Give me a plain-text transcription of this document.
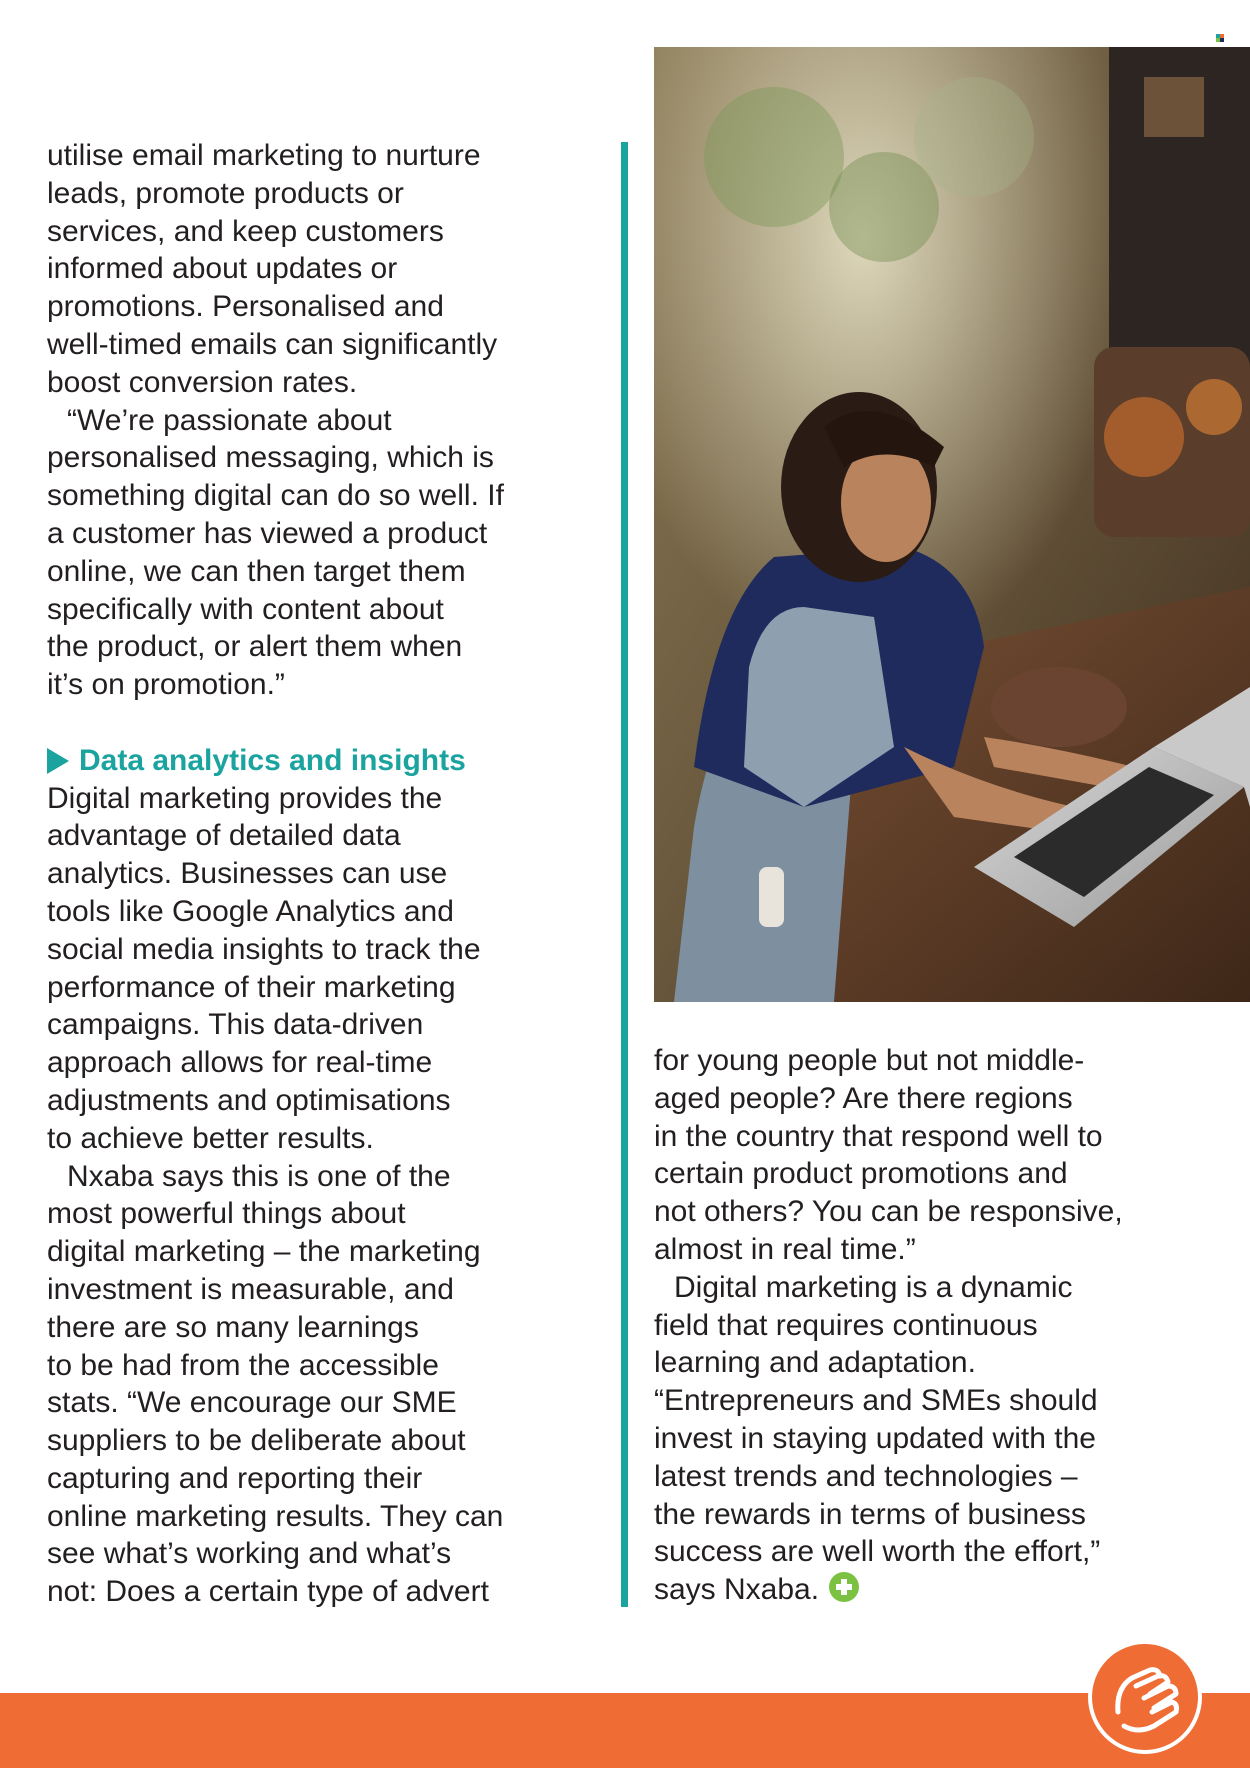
utilise email marketing to nurture
leads, promote products or
services, and keep customers
informed about updates or
promotions. Personalised and
well-timed emails can significantly
boost conversion rates.

“We’re passionate about
personalised messaging, which is
something digital can do so well. If
a customer has viewed a product
online, we can then target them
specifically with content about
the product, or alert them when
it’s on promotion.”

Data analytics and insights

Digital marketing provides the
advantage of detailed data
analytics. Businesses can use
tools like Google Analytics and
social media insights to track the
performance of their marketing
campaigns. This data-driven
approach allows for real-time
adjustments and optimisations
to achieve better results.

Nxaba says this is one of the
most powerful things about
digital marketing – the marketing
investment is measurable, and
there are so many learnings
to be had from the accessible
stats. “We encourage our SME
suppliers to be deliberate about
capturing and reporting their
online marketing results. They can
see what’s working and what’s
not: Does a certain type of advert

for young people but not middle-
aged people? Are there regions
in the country that respond well to
certain product promotions and
not others? You can be responsive,
almost in real time.”

Digital marketing is a dynamic
field that requires continuous
learning and adaptation.
“Entrepreneurs and SMEs should
invest in staying updated with the
latest trends and technologies –
the rewards in terms of business
success are well worth the effort,”
says Nxaba.
